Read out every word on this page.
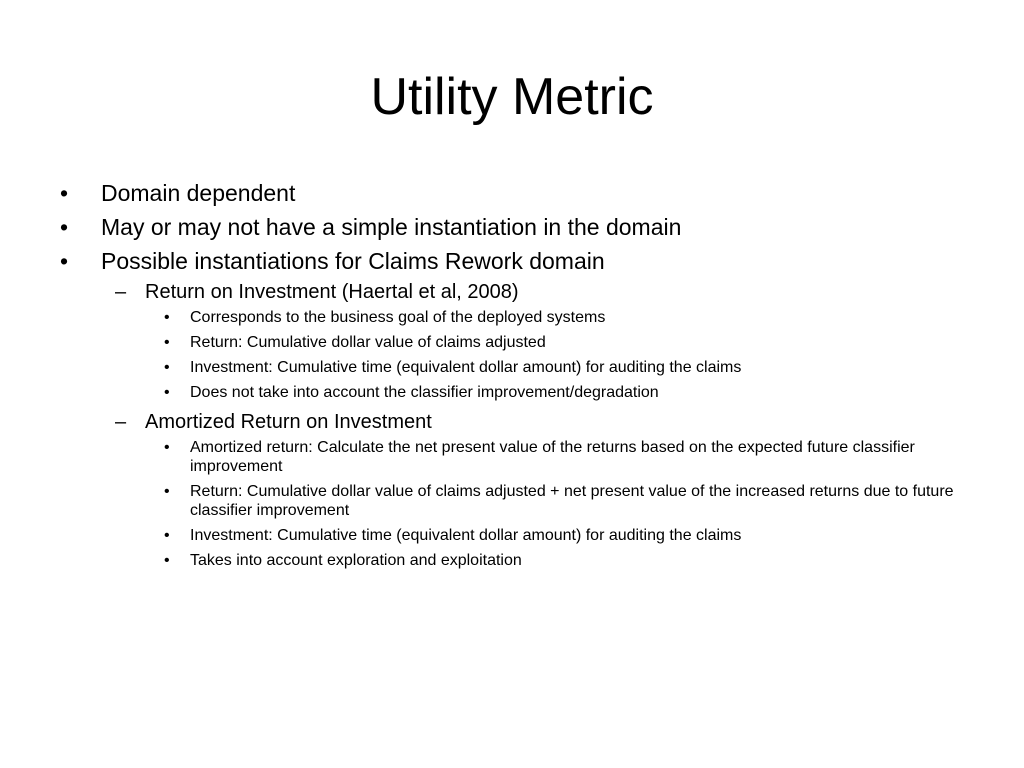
Utility Metric
• Domain dependent
• May or may not have a simple instantiation in the domain
• Possible instantiations for Claims Rework domain
– Return on Investment (Haertal et al, 2008)
• Corresponds to the business goal of the deployed systems
• Return: Cumulative dollar value of claims adjusted
• Investment: Cumulative time (equivalent dollar amount) for auditing the claims
• Does not take into account the classifier improvement/degradation
– Amortized Return on Investment
• Amortized return: Calculate the net present value of the returns based on the expected future classifier improvement
• Return: Cumulative dollar value of claims adjusted + net present value of the increased returns due to future classifier improvement
• Investment: Cumulative time (equivalent dollar amount) for auditing the claims
• Takes into account exploration and exploitation
